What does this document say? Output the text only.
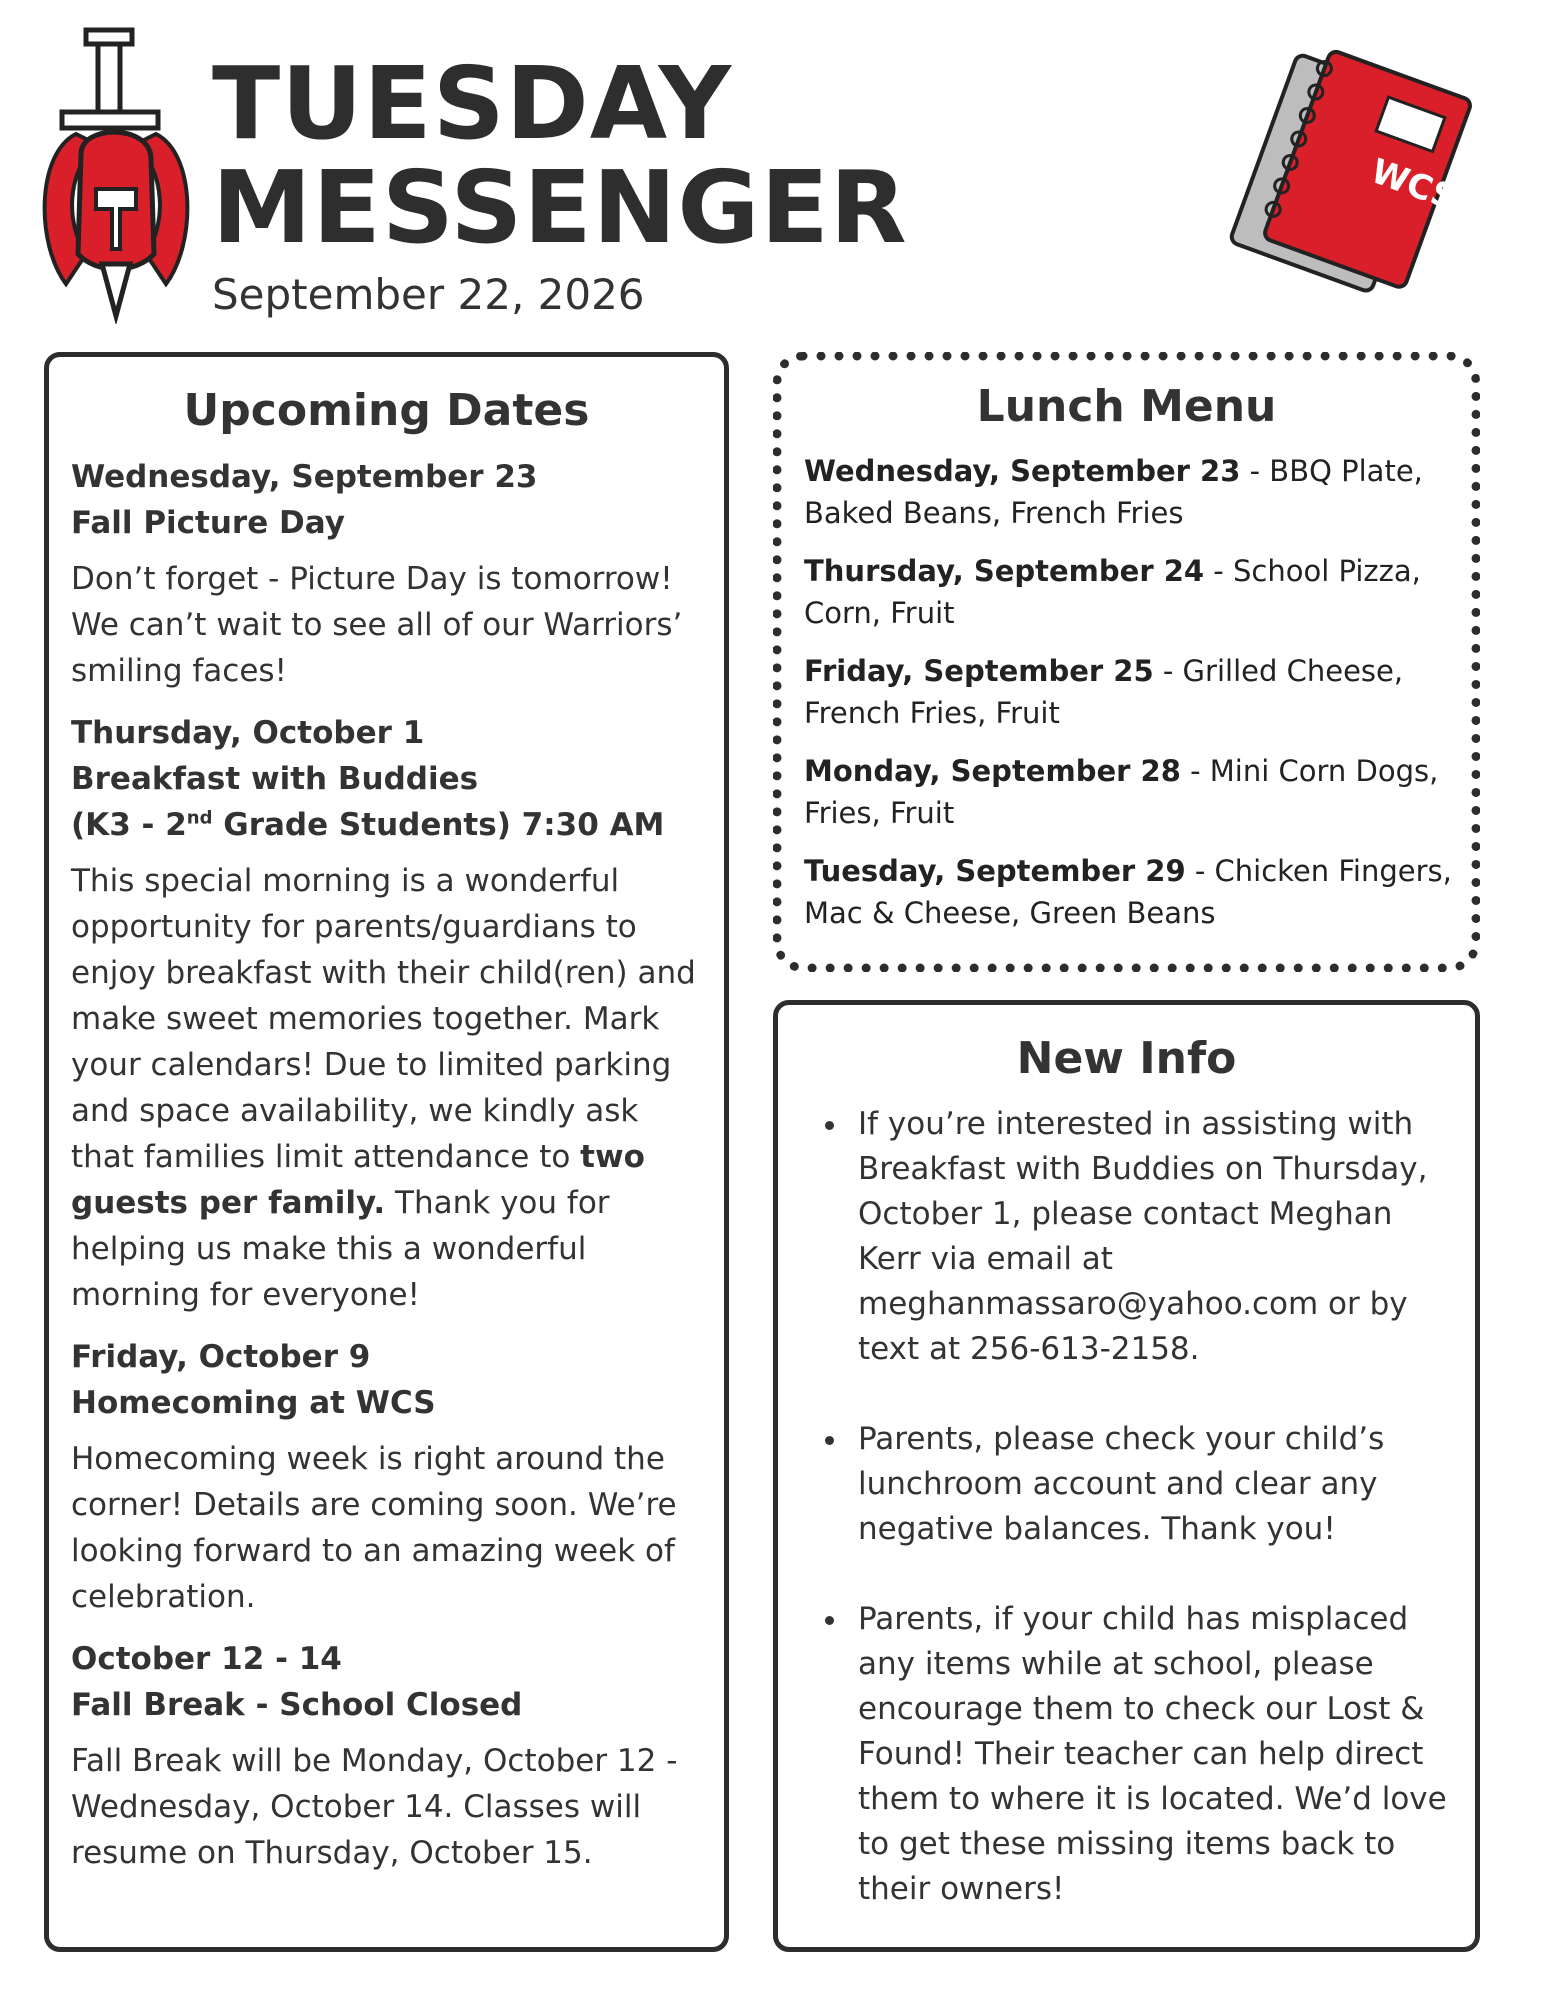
TUESDAY
MESSENGER
September 22, 2026
WCS
Upcoming Dates
Wednesday, September 23
Fall Picture Day
Don’t forget - Picture Day is tomorrow! We can’t wait to see all of our Warriors’ smiling faces!
Thursday, October 1
Breakfast with Buddies
(K3 - 2nd Grade Students) 7:30 AM
This special morning is a wonderful opportunity for parents/guardians to enjoy breakfast with their child(ren) and make sweet memories together. Mark your calendars! Due to limited parking and space availability, we kindly ask that families limit attendance to two guests per family. Thank you for helping us make this a wonderful morning for everyone!
Friday, October 9
Homecoming at WCS
Homecoming week is right around the corner! Details are coming soon. We’re looking forward to an amazing week of celebration.
October 12 - 14
Fall Break - School Closed
Fall Break will be Monday, October 12 - Wednesday, October 14. Classes will resume on Thursday, October 15.
Lunch Menu
Wednesday, September 23 - BBQ Plate, Baked Beans, French Fries
Thursday, September 24 - School Pizza, Corn, Fruit
Friday, September 25 - Grilled Cheese, French Fries, Fruit
Monday, September 28 - Mini Corn Dogs, Fries, Fruit
Tuesday, September 29 - Chicken Fingers, Mac & Cheese, Green Beans
New Info
• If you’re interested in assisting with Breakfast with Buddies on Thursday, October 1, please contact Meghan Kerr via email at meghanmassaro@yahoo.com or by text at 256-613-2158.
• Parents, please check your child’s lunchroom account and clear any negative balances. Thank you!
• Parents, if your child has misplaced any items while at school, please encourage them to check our Lost & Found! Their teacher can help direct them to where it is located. We’d love to get these missing items back to their owners!
